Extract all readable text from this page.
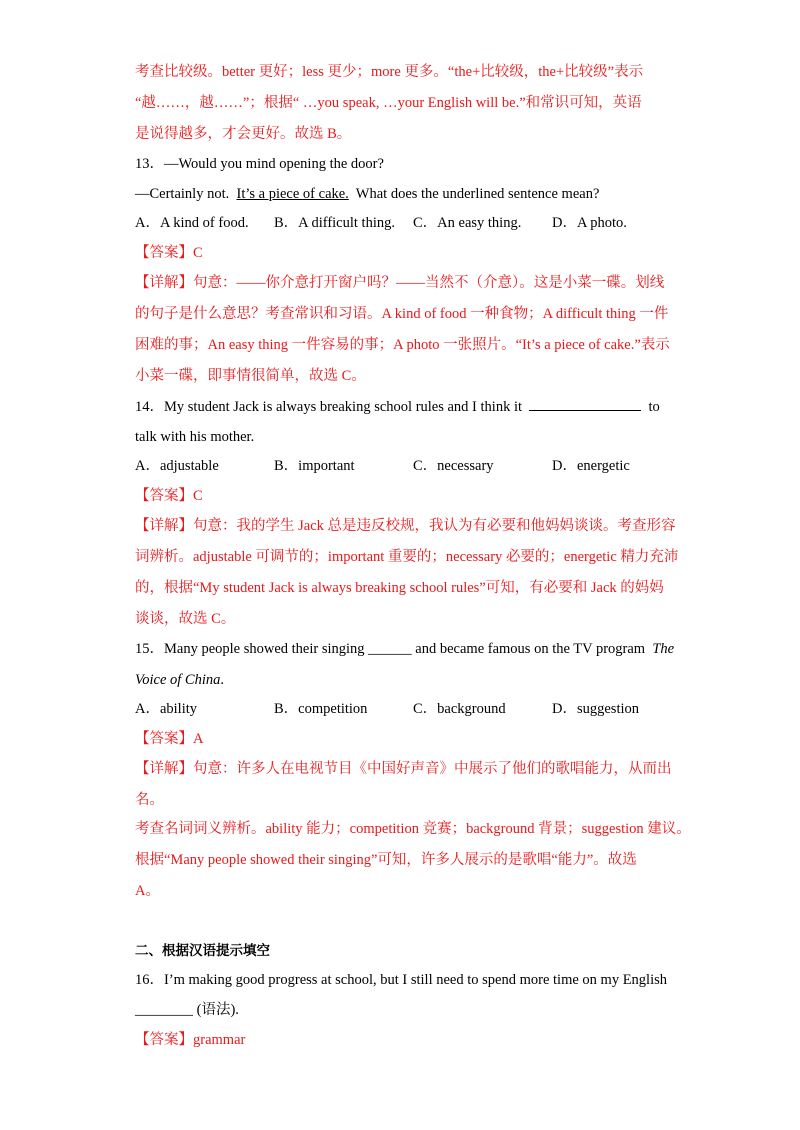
考查比较级。better 更好；less 更少；more 更多。“the+比较级，the+比较级”表示
“越……，越……”；根据“ …you speak, …your English will be.”和常识可知，英语
是说得越多，才会更好。故选 B。
13．—Would you mind opening the door?
—Certainly not.  It’s a piece of cake.  What does the underlined sentence mean?
A．A kind of food. B．A difficult thing. C．An easy thing. D．A photo.
【答案】C
【详解】句意：——你介意打开窗户吗？——当然不（介意）。这是小菜一碟。划线
的句子是什么意思？考查常识和习语。A kind of food 一种食物；A difficult thing 一件
困难的事；An easy thing 一件容易的事；A photo 一张照片。“It’s a piece of cake.”表示
小菜一碟，即事情很简单，故选 C。
14．My student Jack is always breaking school rules and I think it	to
talk with his mother.
A．adjustable	B．important	C．necessary	D．energetic
【答案】C
【详解】句意：我的学生 Jack 总是违反校规，我认为有必要和他妈妈谈谈。考查形容
词辨析。adjustable 可调节的；important 重要的；necessary 必要的；energetic 精力充沛
的，根据“My student Jack is always breaking school rules”可知，有必要和 Jack 的妈妈
谈谈，故选 C。
15．Many people showed their singing ______ and became famous on the TV program  The
Voice of China.
A．ability	B．competition	C．background	D．suggestion
【答案】A
【详解】句意：许多人在电视节目《中国好声音》中展示了他们的歌唱能力，从而出
名。
考查名词词义辨析。ability 能力；competition 竞赛；background 背景；suggestion 建议。
根据“Many people showed their singing”可知，许多人展示的是歌唱“能力”。故选
A。
二、根据汉语提示填空
16．I’m making good progress at school, but I still need to spend more time on my English
________ (语法).
【答案】grammar
